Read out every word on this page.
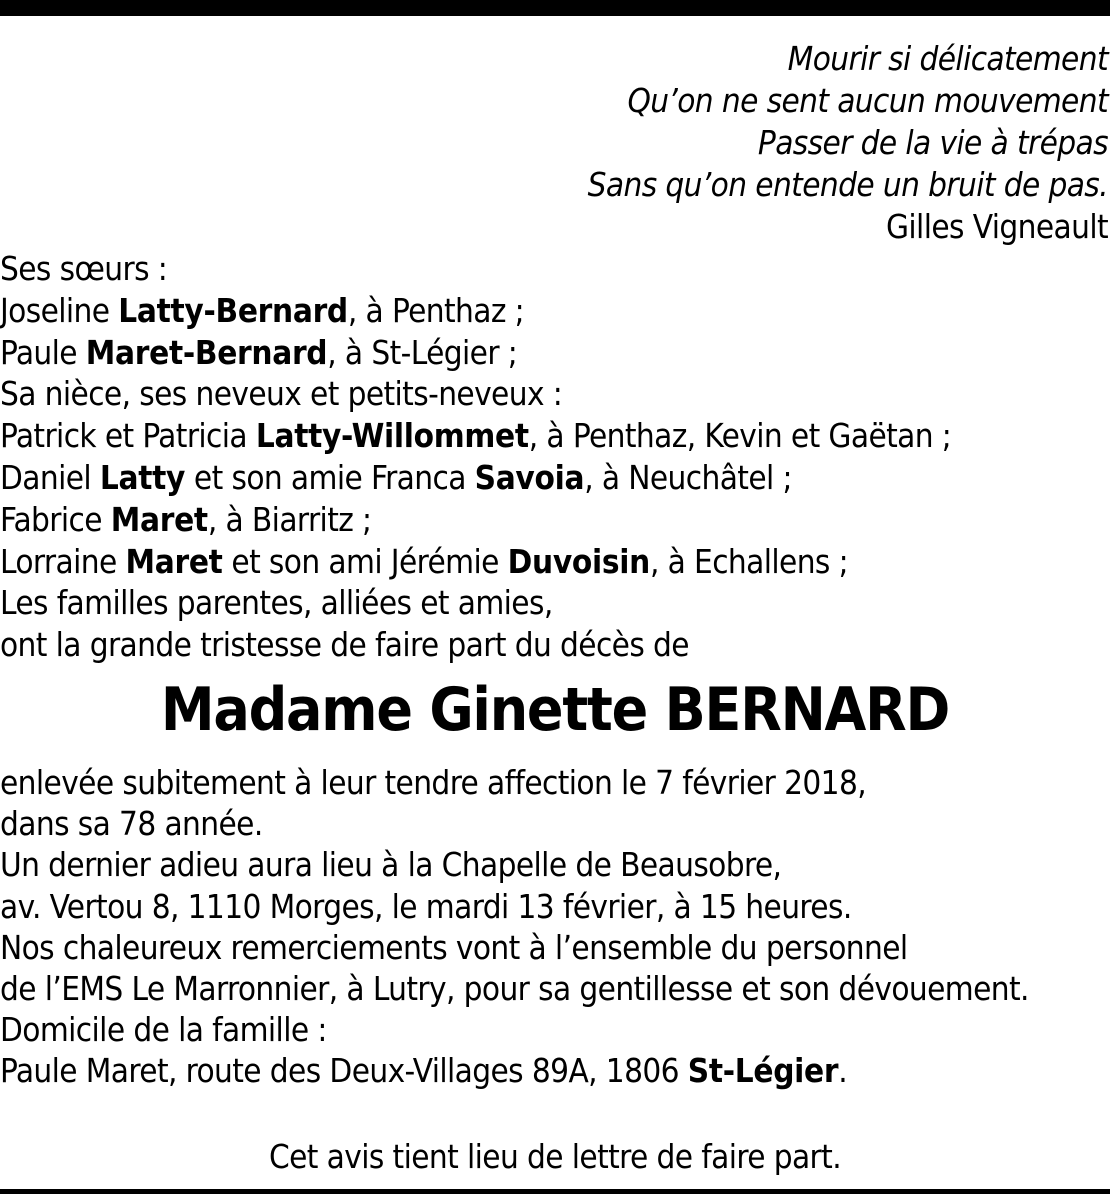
Mourir si délicatement
Qu’on ne sent aucun mouvement
Passer de la vie à trépas
Sans qu’on entende un bruit de pas.
Gilles Vigneault
Ses sœurs :
Joseline Latty-Bernard, à Penthaz ;
Paule Maret-Bernard, à St-Légier ;
Sa nièce, ses neveux et petits-neveux :
Patrick et Patricia Latty-Willommet, à Penthaz, Kevin et Gaëtan ;
Daniel Latty et son amie Franca Savoia, à Neuchâtel ;
Fabrice Maret, à Biarritz ;
Lorraine Maret et son ami Jérémie Duvoisin, à Echallens ;
Les familles parentes, alliées et amies,
ont la grande tristesse de faire part du décès de
Madame Ginette BERNARD
enlevée subitement à leur tendre affection le 7 février 2018,
dans sa 78 année.
Un dernier adieu aura lieu à la Chapelle de Beausobre,
av. Vertou 8, 1110 Morges, le mardi 13 février, à 15 heures.
Nos chaleureux remerciements vont à l’ensemble du personnel
de l’EMS Le Marronnier, à Lutry, pour sa gentillesse et son dévouement.
Domicile de la famille :
Paule Maret, route des Deux-Villages 89A, 1806 St-Légier.
Cet avis tient lieu de lettre de faire part.
